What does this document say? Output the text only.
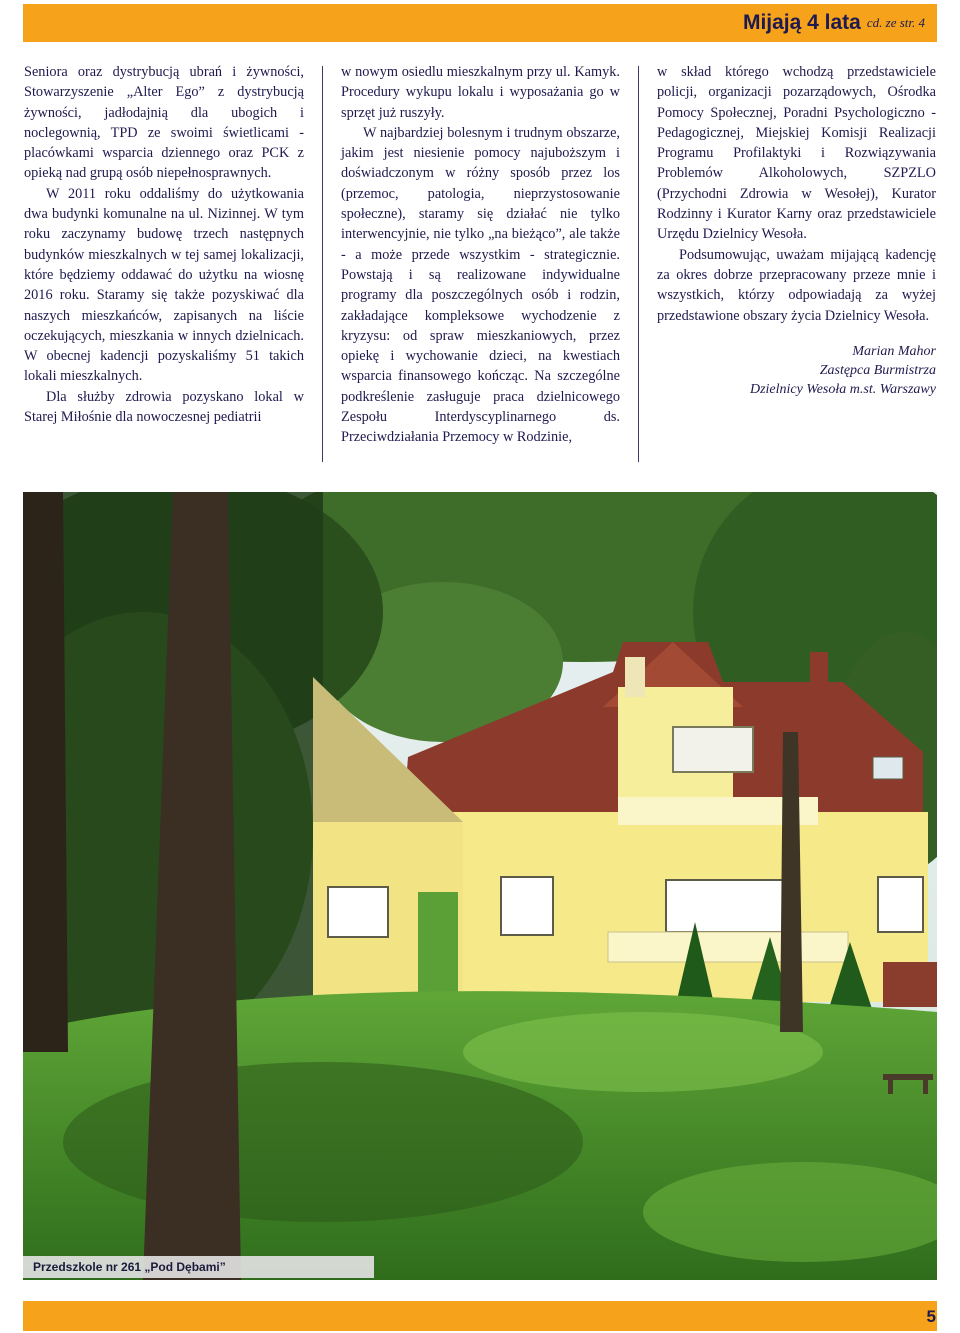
Mijają 4 lata cd. ze str. 4

Seniora oraz dystrybucją ubrań i żywności, Stowarzyszenie „Alter Ego” z dystrybucją żywności, jadłodajnią dla ubogich i noclegownią, TPD ze swoimi świetlicami - placówkami wsparcia dziennego oraz PCK z opieką nad grupą osób niepełnosprawnych.

W 2011 roku oddaliśmy do użytkowania dwa budynki komunalne na ul. Nizinnej. W tym roku zaczynamy budowę trzech następnych budynków mieszkalnych w tej samej lokalizacji, które będziemy oddawać do użytku na wiosnę 2016 roku. Staramy się także pozyskiwać dla naszych mieszkańców, zapisanych na liście oczekujących, mieszkania w innych dzielnicach. W obecnej kadencji pozyskaliśmy 51 takich lokali mieszkalnych.

Dla służby zdrowia pozyskano lokal w Starej Miłośnie dla nowoczesnej pediatrii

w nowym osiedlu mieszkalnym przy ul. Kamyk. Procedury wykupu lokalu i wyposażania go w sprzęt już ruszyły.

W najbardziej bolesnym i trudnym obszarze, jakim jest niesienie pomocy najuboższym i doświadczonym w różny sposób przez los (przemoc, patologia, nieprzystosowanie społeczne), staramy się działać nie tylko interwencyjnie, nie tylko „na bieżąco”, ale także - a może przede wszystkim - strategicznie. Powstają i są realizowane indywidualne programy dla poszczególnych osób i rodzin, zakładające kompleksowe wychodzenie z kryzysu: od spraw mieszkaniowych, przez opiekę i wychowanie dzieci, na kwestiach wsparcia finansowego kończąc. Na szczególne podkreślenie zasługuje praca dzielnicowego Zespołu Interdyscyplinarnego ds. Przeciwdziałania Przemocy w Rodzinie,

w skład którego wchodzą przedstawiciele policji, organizacji pozarządowych, Ośrodka Pomocy Społecznej, Poradni Psychologiczno - Pedagogicznej, Miejskiej Komisji Realizacji Programu Profilaktyki i Rozwiązywania Problemów Alkoholowych, SZPZLO (Przychodni Zdrowia w Wesołej), Kurator Rodzinny i Kurator Karny oraz przedstawiciele Urzędu Dzielnicy Wesoła.

Podsumowując, uważam mijającą kadencję za okres dobrze przepracowany przeze mnie i wszystkich, którzy odpowiadają za wyżej przedstawione obszary życia Dzielnicy Wesoła.

Marian Mahor
Zastępca Burmistrza
Dzielnicy Wesoła m.st. Warszawy
Przedszkole nr 261 „Pod Dębami”
5
